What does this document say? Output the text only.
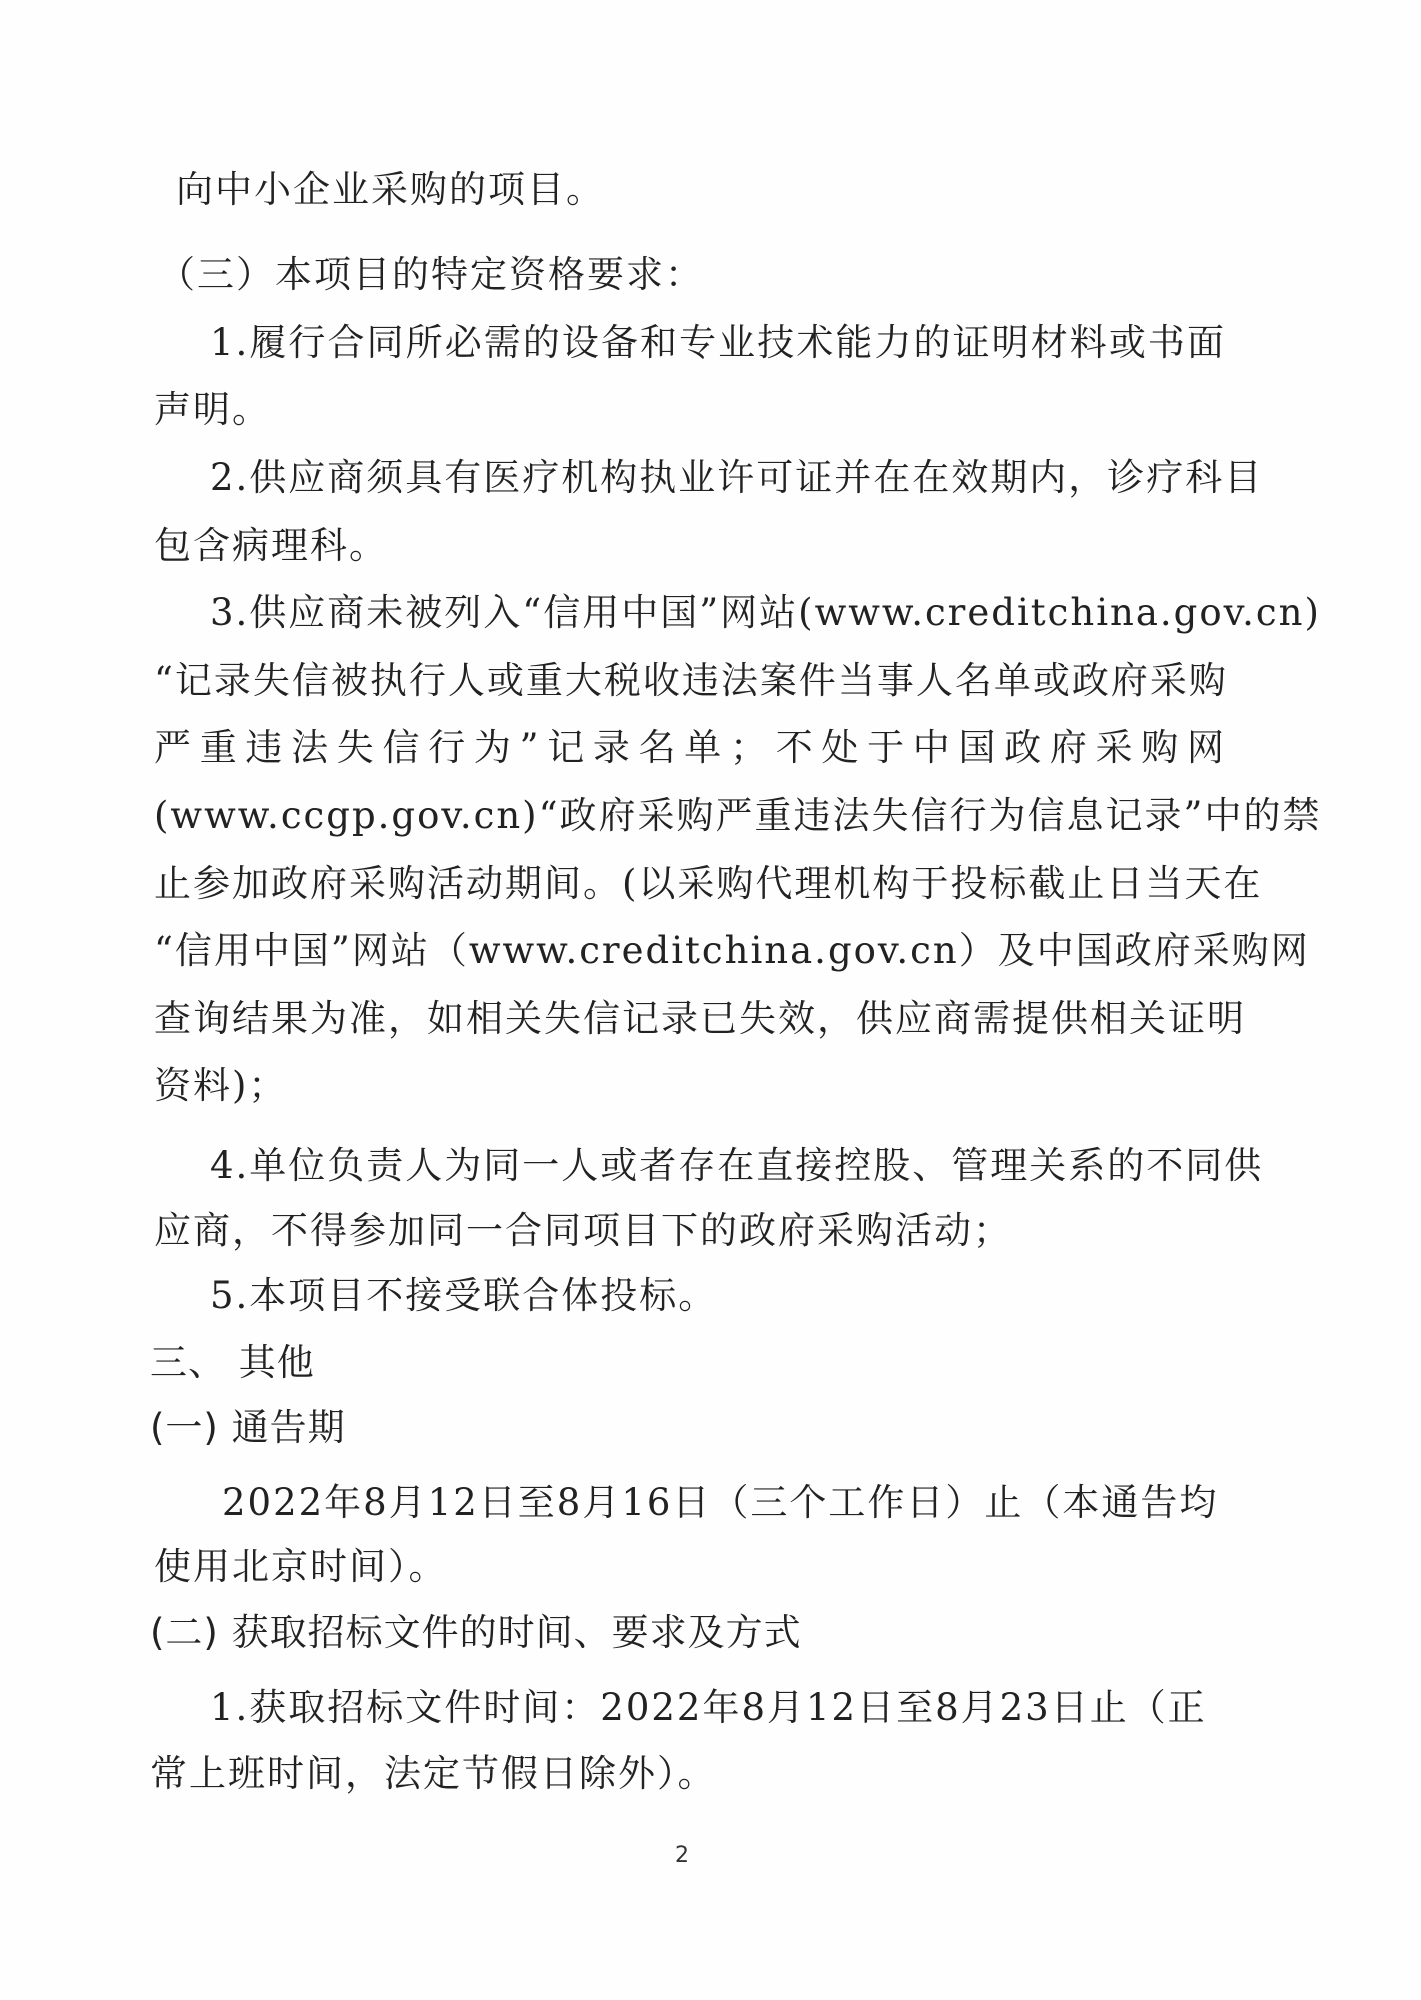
向中小企业采购的项目。
（三）本项目的特定资格要求：
1.履行合同所必需的设备和专业技术能力的证明材料或书面
声明。
2.供应商须具有医疗机构执业许可证并在在效期内，诊疗科目
包含病理科。
3.供应商未被列入“信用中国”网站(www.creditchina.gov.cn)
“记录失信被执行人或重大税收违法案件当事人名单或政府采购
严重违法失信行为”记录名单；不处于中国政府采购网
(www.ccgp.gov.cn)“政府采购严重违法失信行为信息记录”中的禁
止参加政府采购活动期间。(以采购代理机构于投标截止日当天在
“信用中国”网站（www.creditchina.gov.cn）及中国政府采购网
查询结果为准，如相关失信记录已失效，供应商需提供相关证明
资料)；
4.单位负责人为同一人或者存在直接控股、管理关系的不同供
应商，不得参加同一合同项目下的政府采购活动；
5.本项目不接受联合体投标。
三、 其他
(一) 通告期
2022年8月12日至8月16日（三个工作日）止（本通告均
使用北京时间）。
(二) 获取招标文件的时间、要求及方式
1.获取招标文件时间：2022年8月12日至8月23日止（正
常上班时间，法定节假日除外）。
2
